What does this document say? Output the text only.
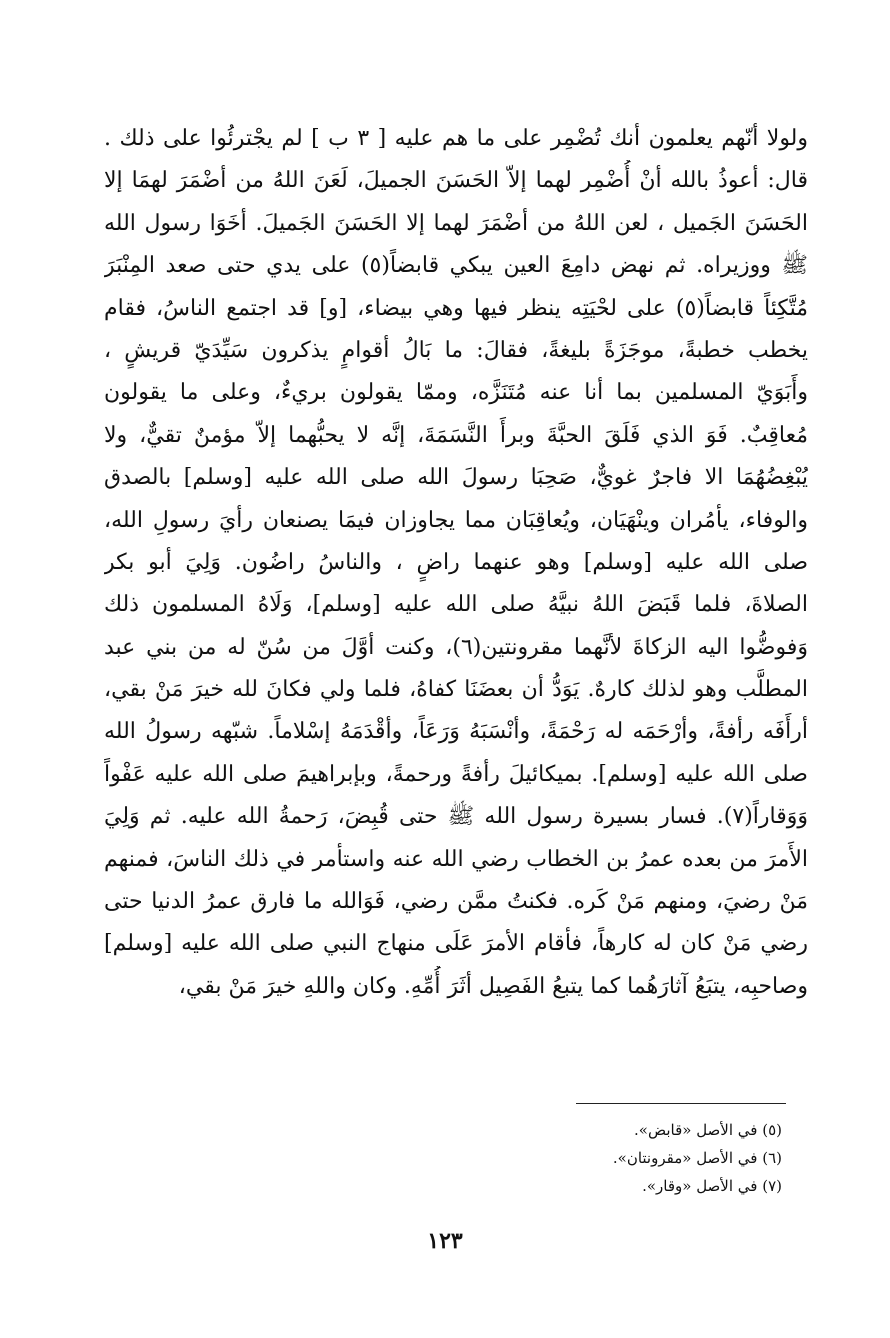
ولولا أنّهم يعلمون أنك تُضْمِر على ما هم عليه [ ٣ ب ] لم يجْترئُوا على ذلك .
قال: أعوذُ بالله أنْ أُضْمِر لهما إلاّ الحَسَنَ الجميلَ، لَعَنَ اللهُ من أضْمَرَ لهمَا إلا
الحَسَنَ الجَميل ، لعن اللهُ من أضْمَرَ لهما إلا الحَسَنَ الجَميلَ. أخَوَا رسول الله
ﷺ ووزيراه. ثم نهض دامِعَ العين يبكي قابضاً(٥) على يدي حتى صعد المِنْبَرَ
مُتَّكِئاً قابضاً(٥) على لحْيَتِه ينظر فيها وهي بيضاء، [و] قد اجتمع الناسُ، فقام
يخطب خطبةً، موجَزَةً بليغةً، فقالَ: ما بَالُ أقوامٍ يذكرون سَيِّدَيّ قريشٍ ،
وأَبَوَيّ المسلمين بما أنا عنه مُتَنَزَّه، وممّا يقولون بريءٌ، وعلى ما يقولون
مُعاقِبٌ. فَوَ الذي فَلَقَ الحبَّةَ وبرأَ النَّسَمَةَ، إنَّه لا يحبُّهما إلاّ مؤمنٌ تقيٌّ، ولا
يُبْغِضُهُمَا الا فاجرٌ غويٌّ، صَحِبَا رسولَ الله صلى الله عليه [وسلم] بالصدق
والوفاء، يأمُران وينْهَيَان، ويُعاقِبَان مما يجاوزان فيمَا يصنعان رأيَ رسولِ الله،
صلى الله عليه [وسلم] وهو عنهما راضٍ ، والناسُ راضُون. وَلِيَ أبو بكر
الصلاةَ، فلما قَبَضَ اللهُ نبيَّهُ صلى الله عليه [وسلم]، وَلَاهُ المسلمون ذلك
وَفوضُّوا اليه الزكاةَ لأنَّهما مقرونتين(٦)، وكنت أوَّلَ من سُنّ له من بني عبد
المطلَّب وهو لذلك كارهٌ. يَوَدُّ أن بعضَنَا كفاهُ، فلما ولي فكانَ لله خيرَ مَنْ بقي،
أرأَفَه رأفةً، وأرْحَمَه له رَحْمَةً، وأنْسَبَهُ وَرَعَاً، وأقْدَمَهُ إسْلاماً. شبّهه رسولُ الله
صلى الله عليه [وسلم]. بميكائيلَ رأفةً ورحمةً، وبإبراهيمَ صلى الله عليه عَفْواً
وَوَقاراً(٧). فسار بسيرة رسول الله ﷺ حتى قُبِضَ، رَحمةُ الله عليه. ثم وَلِيَ
الأَمرَ من بعده عمرُ بن الخطاب رضي الله عنه واستأمر في ذلك الناسَ، فمنهم
مَنْ رضيَ، ومنهم مَنْ كَره. فكنتُ ممَّن رضي، فَوَالله ما فارق عمرُ الدنيا حتى
رضي مَنْ كان له كارهاً، فأقام الأمرَ عَلَى منهاج النبي صلى الله عليه [وسلم]
وصاحبِه، يتبَعُ آثارَهُما كما يتبعُ الفَصِيل أثَرَ أُمِّهِ. وكان واللهِ خيرَ مَنْ بقي،
(٥) في الأصل «قابض».
(٦) في الأصل «مقرونتان».
(٧) في الأصل «وقار».
١٢٣
